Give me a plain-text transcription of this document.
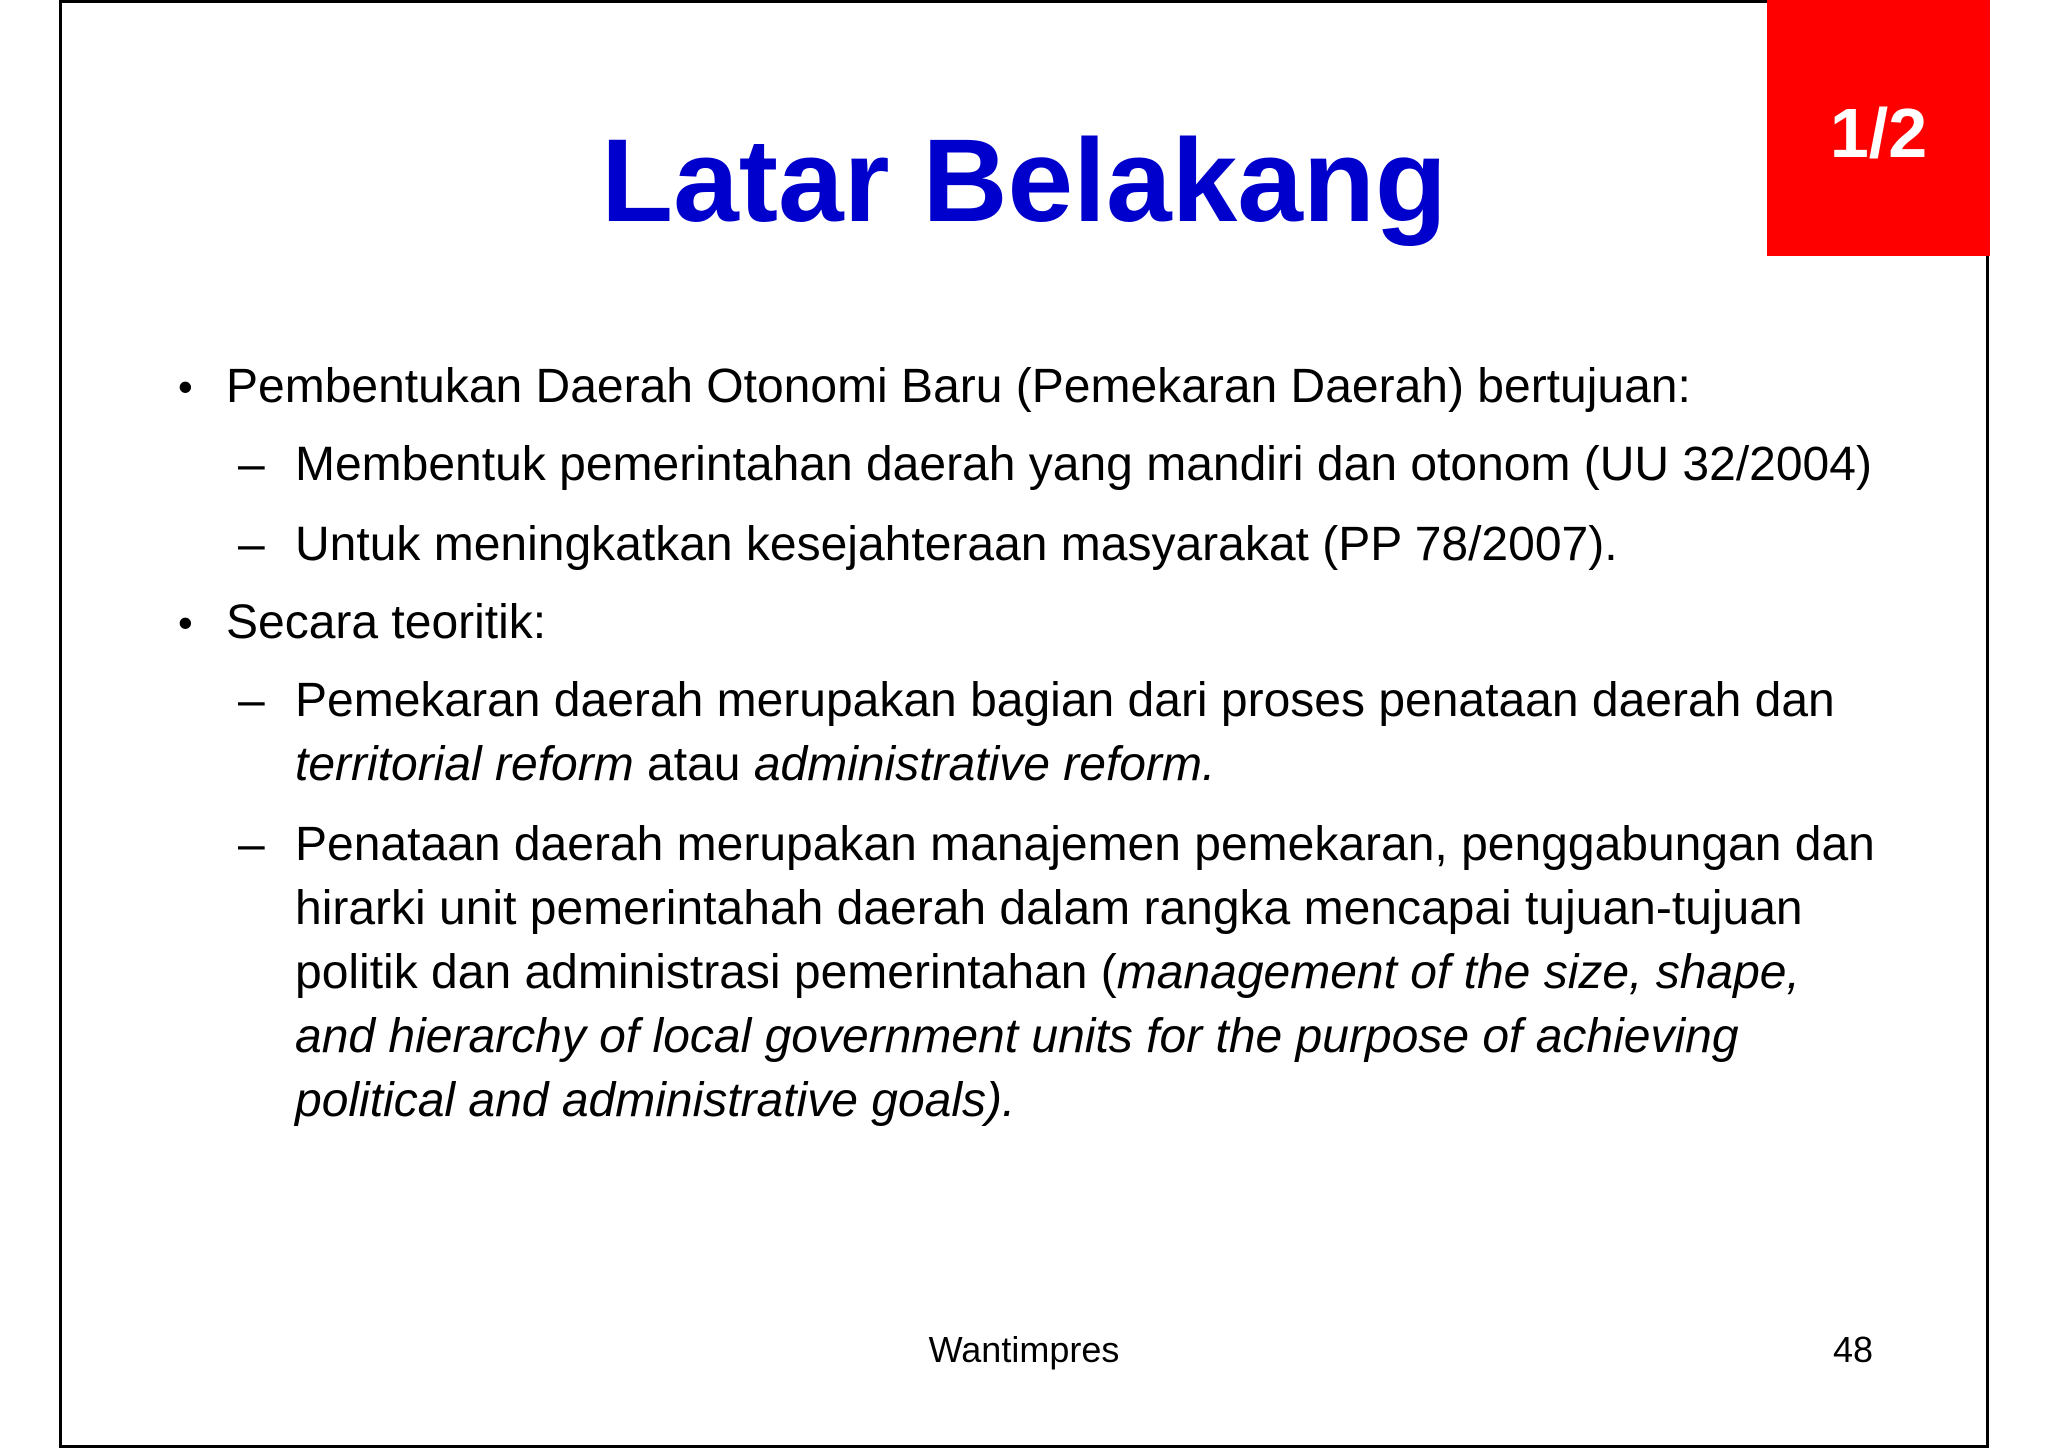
1/2
Latar Belakang
• Pembentukan Daerah Otonomi Baru (Pemekaran Daerah) bertujuan:
– Membentuk pemerintahan daerah yang mandiri dan otonom (UU 32/2004)
– Untuk meningkatkan kesejahteraan masyarakat (PP 78/2007).
• Secara teoritik:
– Pemekaran daerah merupakan bagian dari proses penataan daerah dan territorial reform atau administrative reform.
– Penataan daerah merupakan manajemen pemekaran, penggabungan dan hirarki unit pemerintahah daerah dalam rangka mencapai tujuan-tujuan politik dan administrasi pemerintahan (management of the size, shape, and hierarchy of local government units for the purpose of achieving political and administrative goals).
Wantimpres	48
